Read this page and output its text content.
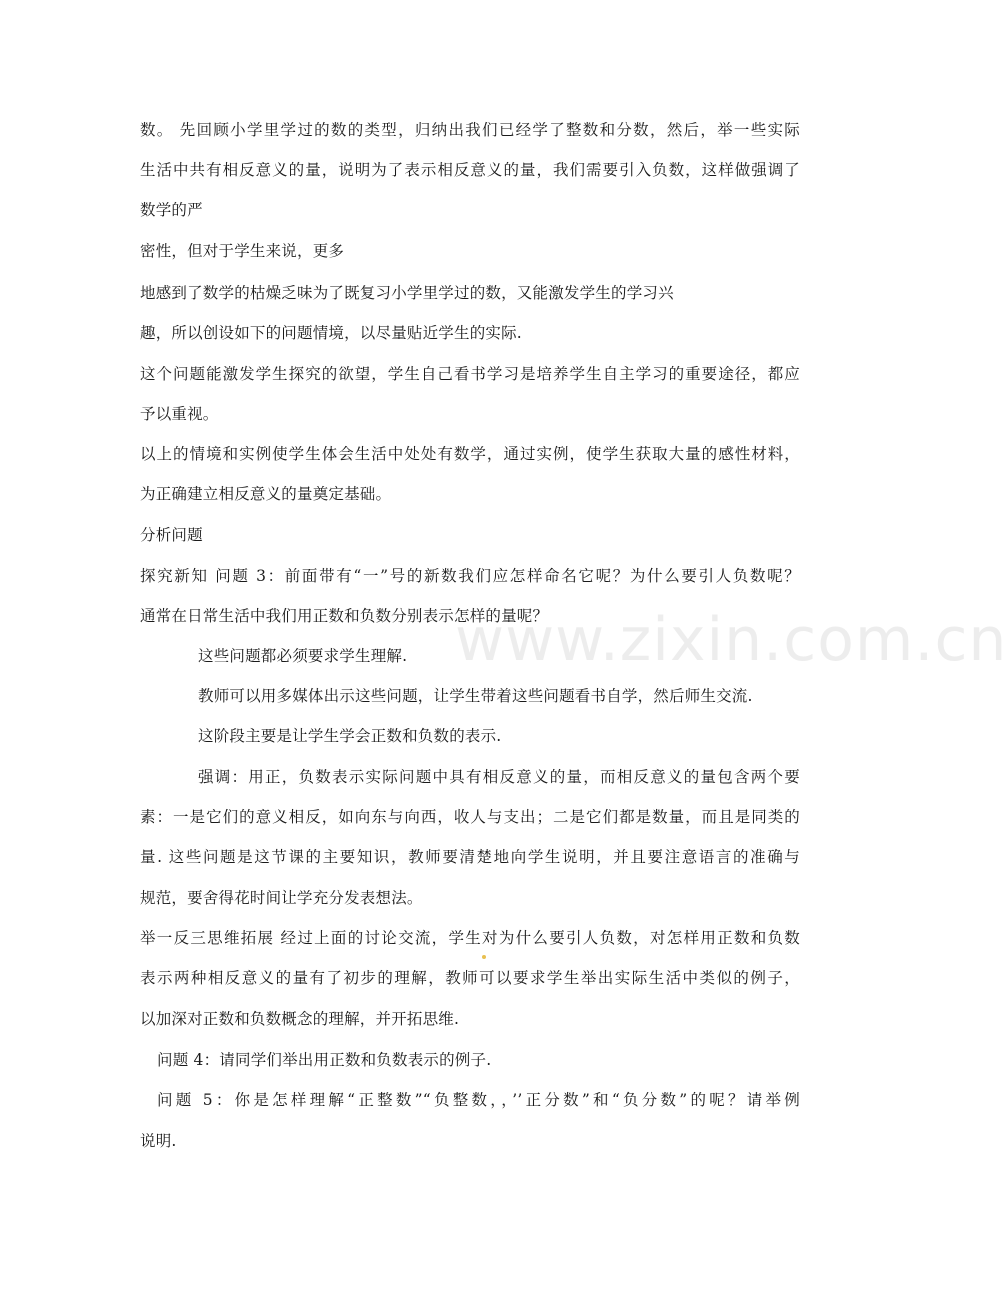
www.zixin.com.cn
数。 先回顾小学里学过的数的类型，归纳出我们已经学了整数和分数，然后，举一些实际
生活中共有相反意义的量，说明为了表示相反意义的量，我们需要引入负数，这样做强调了
数学的严
密性，但对于学生来说，更多
地感到了数学的枯燥乏味为了既复习小学里学过的数，又能激发学生的学习兴
趣，所以创设如下的问题情境，以尽量贴近学生的实际.
这个问题能激发学生探究的欲望，学生自己看书学习是培养学生自主学习的重要途径，都应
予以重视。
以上的情境和实例使学生体会生活中处处有数学，通过实例，使学生获取大量的感性材料，
为正确建立相反意义的量奠定基础。
分析问题
探究新知 问题 3：前面带有“一”号的新数我们应怎样命名它呢？为什么要引人负数呢？
通常在日常生活中我们用正数和负数分别表示怎样的量呢？
这些问题都必须要求学生理解.
教师可以用多媒体出示这些问题，让学生带着这些问题看书自学，然后师生交流.
这阶段主要是让学生学会正数和负数的表示.
强调：用正，负数表示实际问题中具有相反意义的量，而相反意义的量包含两个要
素：一是它们的意义相反，如向东与向西，收人与支出；二是它们都是数量，而且是同类的
量. 这些问题是这节课的主要知识，教师要清楚地向学生说明，并且要注意语言的准确与
规范，要舍得花时间让学充分发表想法。
举一反三思维拓展 经过上面的讨论交流，学生对为什么要引人负数，对怎样用正数和负数
表示两种相反意义的量有了初步的理解，教师可以要求学生举出实际生活中类似的例子，
以加深对正数和负数概念的理解，并开拓思维.
问题 4：请同学们举出用正数和负数表示的例子.
问题 5：你是怎样理解“正整数”“负整数，，’’正分数”和“负分数”的呢？请举例
说明.
